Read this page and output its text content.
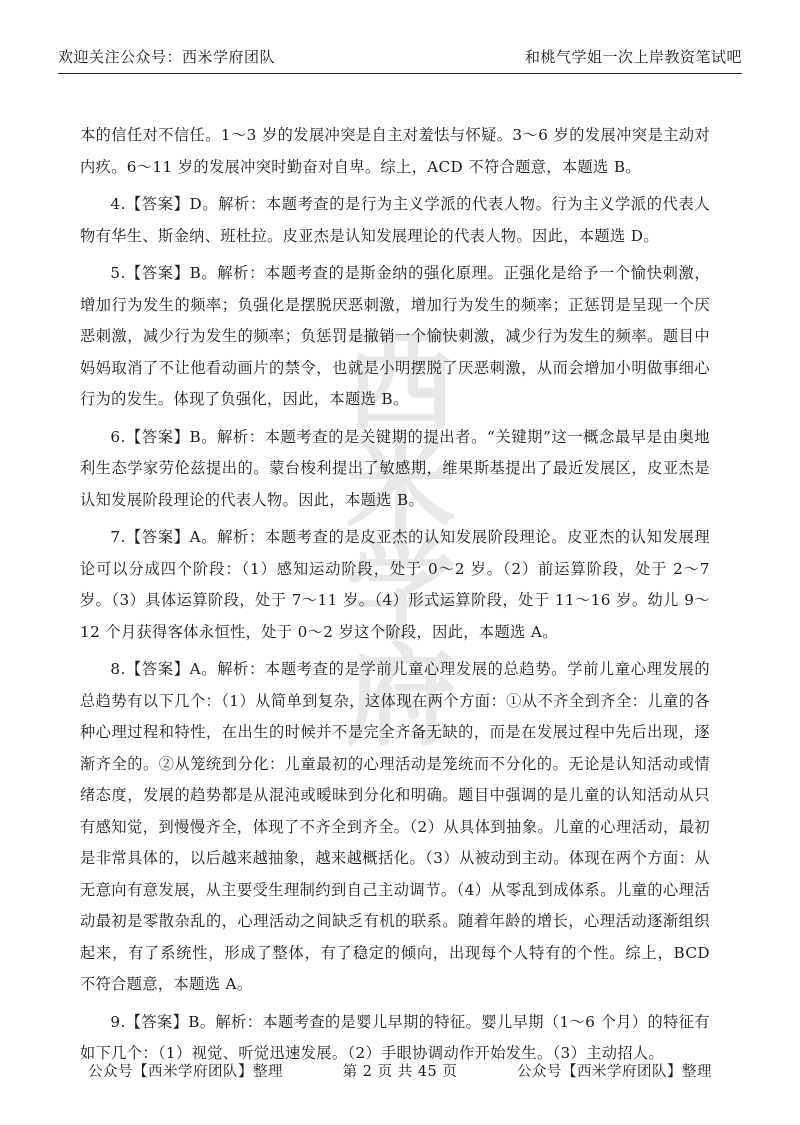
欢迎关注公众号：西米学府团队	和桃气学姐一次上岸教资笔试吧
西米学府

本的信任对不信任。1～3 岁的发展冲突是自主对羞怯与怀疑。3～6 岁的发展冲突是主动对内疚。6～11 岁的发展冲突时勤奋对自卑。综上，ACD 不符合题意，本题选 B。

4.【答案】D。解析：本题考查的是行为主义学派的代表人物。行为主义学派的代表人物有华生、斯金纳、班杜拉。皮亚杰是认知发展理论的代表人物。因此，本题选 D。

5.【答案】B。解析：本题考查的是斯金纳的强化原理。正强化是给予一个愉快刺激，增加行为发生的频率；负强化是摆脱厌恶刺激，增加行为发生的频率；正惩罚是呈现一个厌恶刺激，减少行为发生的频率；负惩罚是撤销一个愉快刺激，减少行为发生的频率。题目中妈妈取消了不让他看动画片的禁令，也就是小明摆脱了厌恶刺激，从而会增加小明做事细心行为的发生。体现了负强化，因此，本题选 B。

6.【答案】B。解析：本题考查的是关键期的提出者。“关键期”这一概念最早是由奥地利生态学家劳伦兹提出的。蒙台梭利提出了敏感期，维果斯基提出了最近发展区，皮亚杰是认知发展阶段理论的代表人物。因此，本题选 B。

7.【答案】A。解析：本题考查的是皮亚杰的认知发展阶段理论。皮亚杰的认知发展理论可以分成四个阶段：（1）感知运动阶段，处于 0～2 岁。（2）前运算阶段，处于 2～7 岁。（3）具体运算阶段，处于 7～11 岁。（4）形式运算阶段，处于 11～16 岁。幼儿 9～12 个月获得客体永恒性，处于 0～2 岁这个阶段，因此，本题选 A。

8.【答案】A。解析：本题考查的是学前儿童心理发展的总趋势。学前儿童心理发展的总趋势有以下几个：（1）从简单到复杂，这体现在两个方面：①从不齐全到齐全：儿童的各种心理过程和特性，在出生的时候并不是完全齐备无缺的，而是在发展过程中先后出现，逐渐齐全的。②从笼统到分化：儿童最初的心理活动是笼统而不分化的。无论是认知活动或情绪态度，发展的趋势都是从混沌或暧昧到分化和明确。题目中强调的是儿童的认知活动从只有感知觉，到慢慢齐全，体现了不齐全到齐全。（2）从具体到抽象。儿童的心理活动，最初是非常具体的，以后越来越抽象，越来越概括化。（3）从被动到主动。体现在两个方面：从无意向有意发展，从主要受生理制约到自己主动调节。（4）从零乱到成体系。儿童的心理活动最初是零散杂乱的，心理活动之间缺乏有机的联系。随着年龄的增长，心理活动逐渐组织起来，有了系统性，形成了整体，有了稳定的倾向，出现每个人特有的个性。综上，BCD 不符合题意，本题选 A。

9.【答案】B。解析：本题考查的是婴儿早期的特征。婴儿早期（1～6 个月）的特征有如下几个：（1）视觉、听觉迅速发展。（2）手眼协调动作开始发生。（3）主动招人。

公众号【西米学府团队】整理	第 2 页 共 45 页	公众号【西米学府团队】整理
